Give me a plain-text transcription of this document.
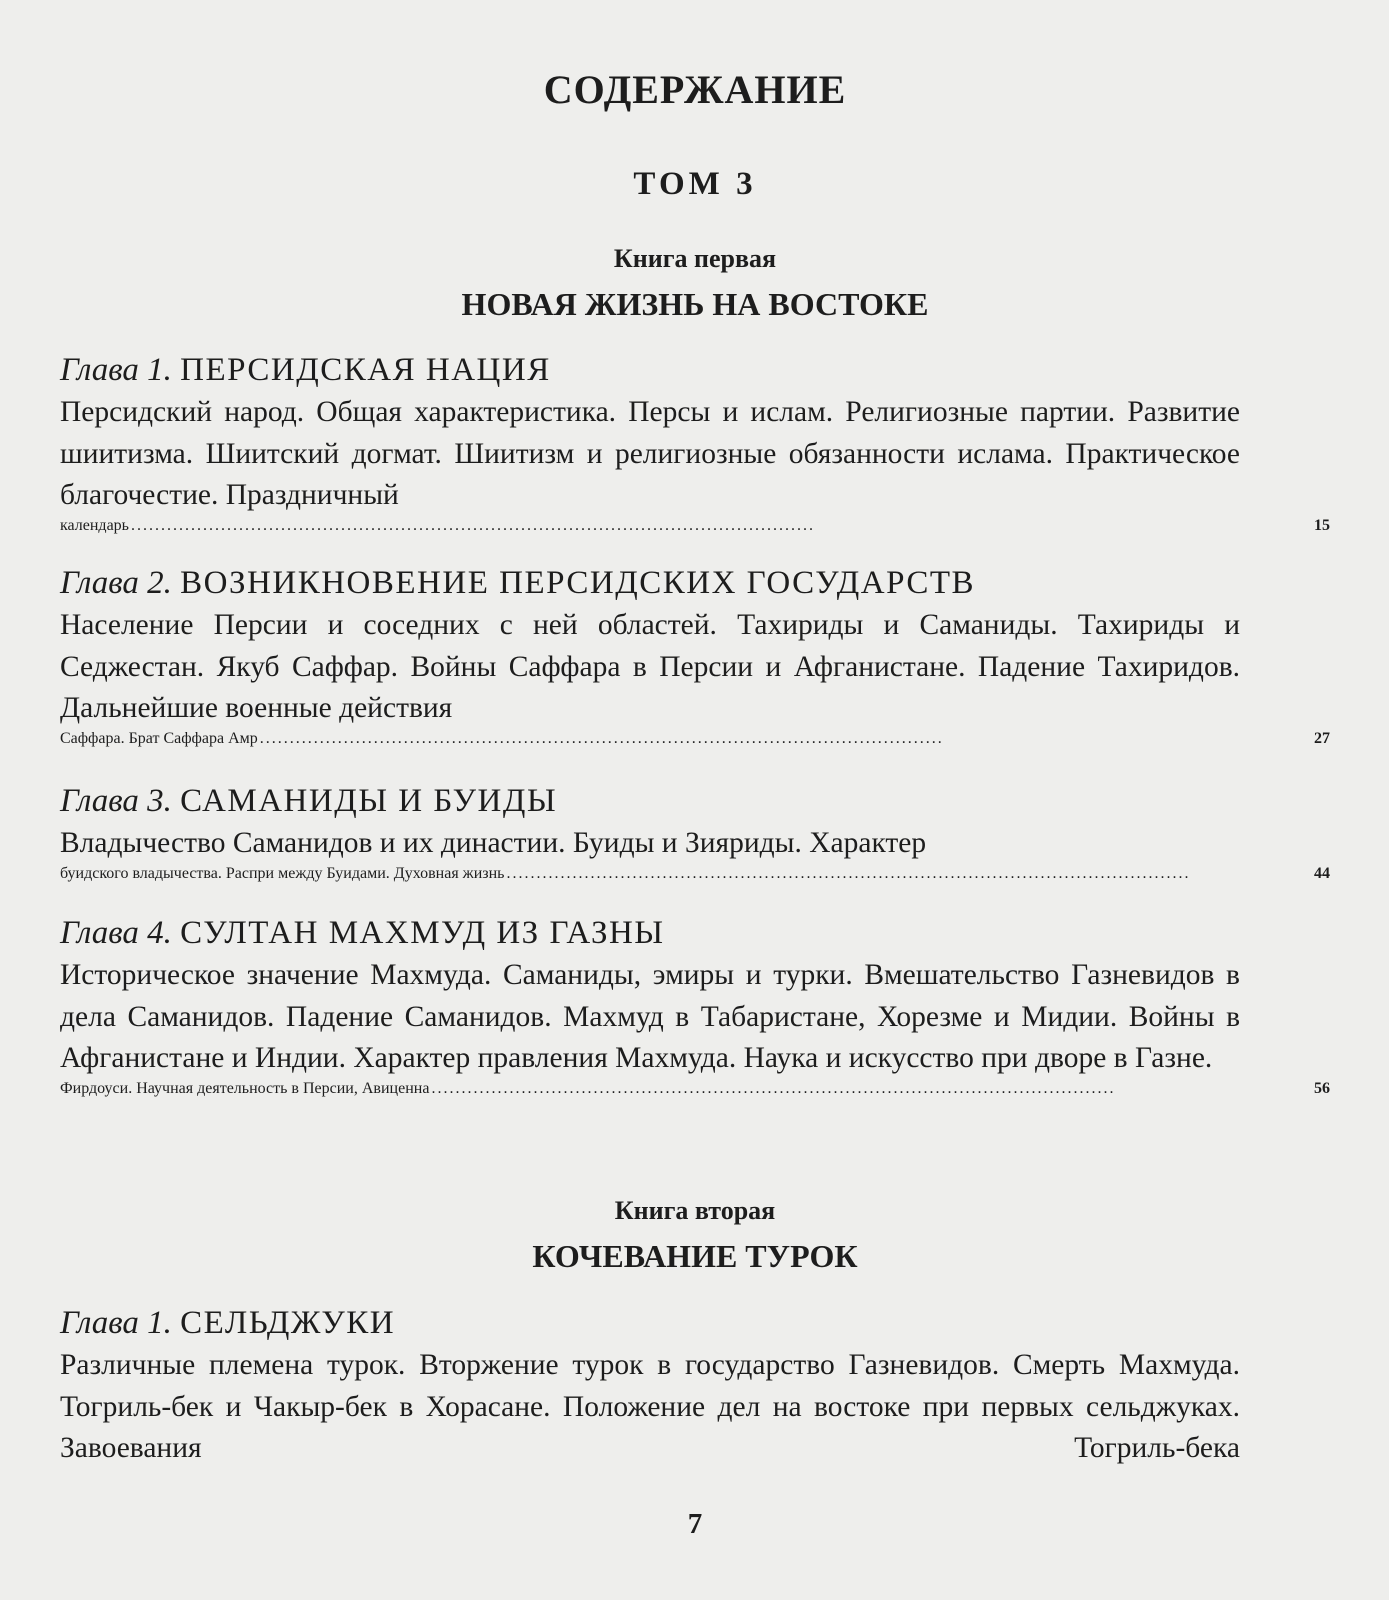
СОДЕРЖАНИЕ
ТОМ 3
Книга первая
НОВАЯ ЖИЗНЬ НА ВОСТОКЕ
Глава 1. ПЕРСИДСКАЯ НАЦИЯ
Персидский народ. Общая характеристика. Персы и ислам. Религиозные партии. Развитие шиитизма. Шиитский догмат. Шиитизм и религиозные обязанности ислама. Практическое благочестие. Праздничный
календарь . . .	15
Глава 2. ВОЗНИКНОВЕНИЕ ПЕРСИДСКИХ ГОСУДАРСТВ
Население Персии и соседних с ней областей. Тахириды и Саманиды. Тахириды и Седжестан. Якуб Саффар. Войны Саффара в Персии и Афганистане. Падение Тахиридов. Дальнейшие военные действия
Саффара. Брат Саффара Амр . . .	27
Глава 3. САМАНИДЫ И БУИДЫ
Владычество Саманидов и их династии. Буиды и Зияриды. Характер
буидского владычества. Распри между Буидами. Духовная жизнь . . .	44
Глава 4. СУЛТАН МАХМУД ИЗ ГАЗНЫ
Историческое значение Махмуда. Саманиды, эмиры и турки. Вмешательство Газневидов в дела Саманидов. Падение Саманидов. Махмуд в Табаристане, Хорезме и Мидии. Войны в Афганистане и Индии. Характер правления Махмуда. Наука и искусство при дворе в Газне.
Фирдоуси. Научная деятельность в Персии, Авиценна . . .	56
Книга вторая
КОЧЕВАНИЕ ТУРОК
Глава 1. СЕЛЬДЖУКИ
Различные племена турок. Вторжение турок в государство Газневидов. Смерть Махмуда. Тогриль-бек и Чакыр-бек в Хорасане. Положение дел на востоке при первых сельджуках. Завоевания Тогриль-бека
7
